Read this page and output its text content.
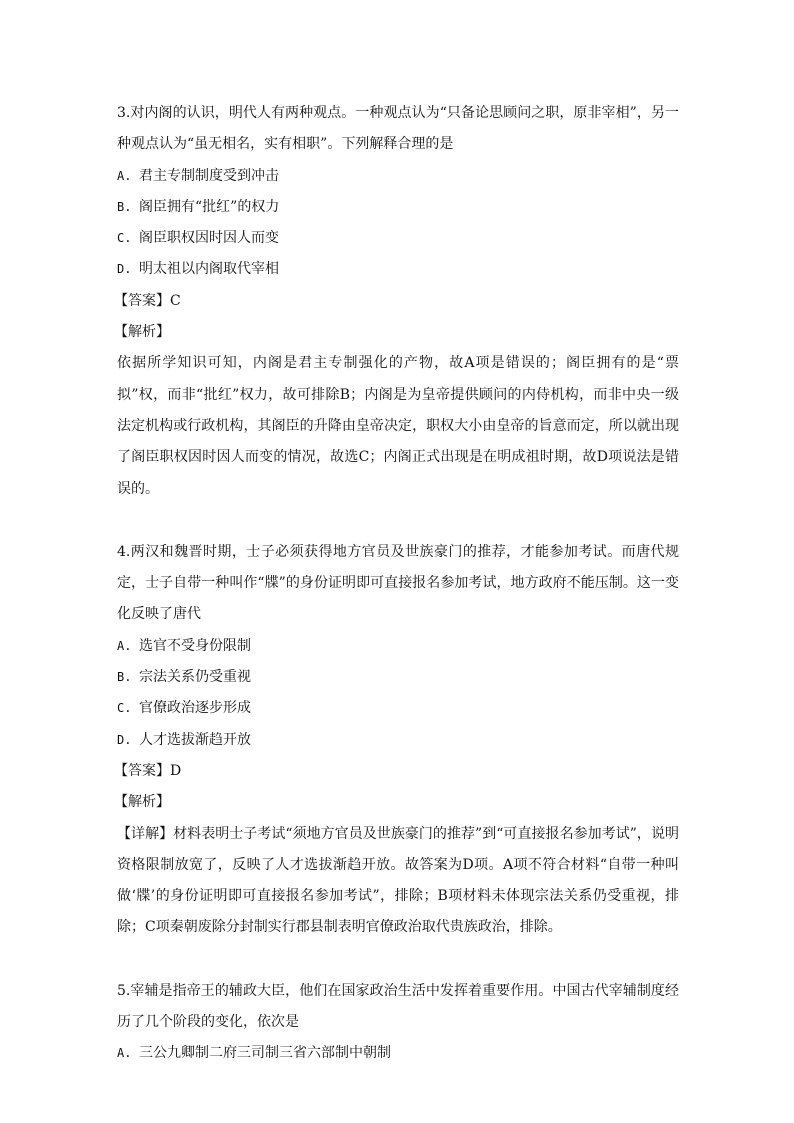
3.对内阁的认识，明代人有两种观点。一种观点认为“只备论思顾问之职，原非宰相”，另一种观点认为“虽无相名，实有相职”。下列解释合理的是
A. 君主专制制度受到冲击
B. 阁臣拥有“批红”的权力
C. 阁臣职权因时因人而变
D. 明太祖以内阁取代宰相
【答案】C
【解析】
依据所学知识可知，内阁是君主专制强化的产物，故A项是错误的；阁臣拥有的是“票拟”权，而非“批红”权力，故可排除B；内阁是为皇帝提供顾问的内侍机构，而非中央一级法定机构或行政机构，其阁臣的升降由皇帝决定，职权大小由皇帝的旨意而定，所以就出现了阁臣职权因时因人而变的情况，故选C；内阁正式出现是在明成祖时期，故D项说法是错误的。
4.两汉和魏晋时期，士子必须获得地方官员及世族豪门的推荐，才能参加考试。而唐代规定，士子自带一种叫作“牒”的身份证明即可直接报名参加考试，地方政府不能压制。这一变化反映了唐代
A. 选官不受身份限制
B. 宗法关系仍受重视
C. 官僚政治逐步形成
D. 人才选拔渐趋开放
【答案】D
【解析】
【详解】材料表明士子考试“须地方官员及世族豪门的推荐”到“可直接报名参加考试”，说明资格限制放宽了，反映了人才选拔渐趋开放。故答案为D项。A项不符合材料“自带一种叫做‘牒’的身份证明即可直接报名参加考试”，排除；B项材料未体现宗法关系仍受重视，排除；C项秦朝废除分封制实行郡县制表明官僚政治取代贵族政治，排除。
5.宰辅是指帝王的辅政大臣，他们在国家政治生活中发挥着重要作用。中国古代宰辅制度经历了几个阶段的变化，依次是
A. 三公九卿制二府三司制三省六部制中朝制
